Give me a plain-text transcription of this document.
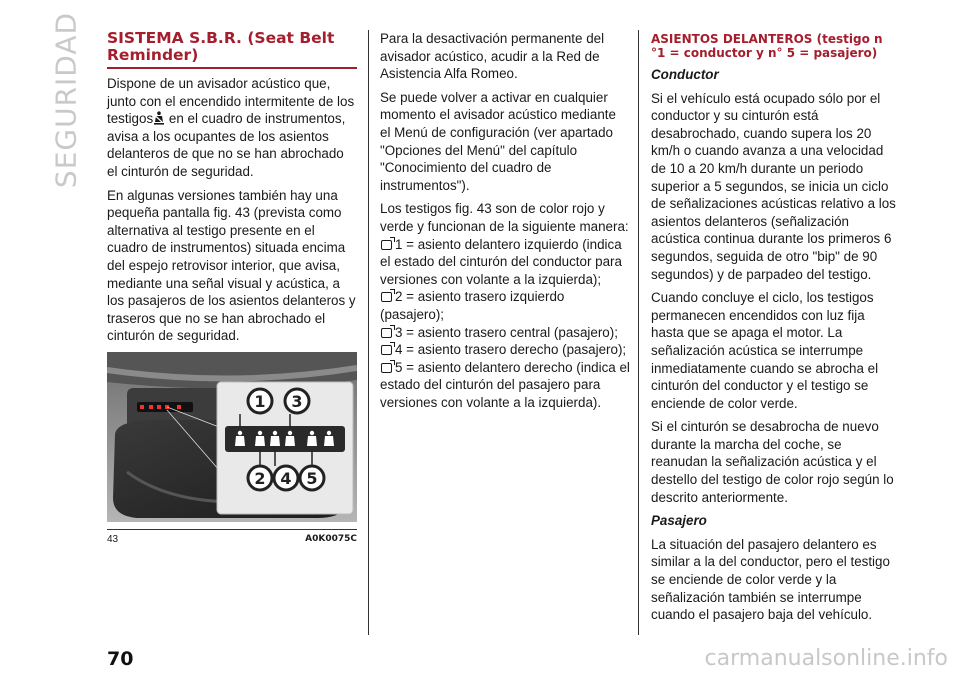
SEGURIDAD SISTEMA S.B.R. (Seat Belt Reminder)

Dispone de un avisador acústico que, junto con el encendido intermitente de los testigos en el cuadro de instrumentos, avisa a los ocupantes de los asientos delanteros de que no se han abrochado el cinturón de seguridad.

En algunas versiones también hay una pequeña pantalla fig. 43 (prevista como alternativa al testigo presente en el cuadro de instrumentos) situada encima del espejo retrovisor interior, que avisa, mediante una señal visual y acústica, a los pasajeros de los asientos delanteros y traseros que no se han abrochado el cinturón de seguridad.

1 3
2 4 5
43	A0K0075C

Para la desactivación permanente del avisador acústico, acudir a la Red de Asistencia Alfa Romeo.

Se puede volver a activar en cualquier momento el avisador acústico mediante el Menú de configuración (ver apartado "Opciones del Menú" del capítulo "Conocimiento del cuadro de instrumentos").

Los testigos fig. 43 son de color rojo y verde y funcionan de la siguiente manera:

1 = asiento delantero izquierdo (indica el estado del cinturón del conductor para versiones con volante a la izquierda);
2 = asiento trasero izquierdo (pasajero);
3 = asiento trasero central (pasajero);
4 = asiento trasero derecho (pasajero);
5 = asiento delantero derecho (indica el estado del cinturón del pasajero para versiones con volante a la izquierda).
ASIENTOS DELANTEROS (testigo n °1 = conductor y n° 5 = pasajero)

Conductor

Si el vehículo está ocupado sólo por el conductor y su cinturón está desabrochado, cuando supera los 20 km/h o cuando avanza a una velocidad de 10 a 20 km/h durante un periodo superior a 5 segundos, se inicia un ciclo de señalizaciones acústicas relativo a los asientos delanteros (señalización acústica continua durante los primeros 6 segundos, seguida de otro "bip" de 90 segundos) y de parpadeo del testigo.

Cuando concluye el ciclo, los testigos permanecen encendidos con luz fija hasta que se apaga el motor. La señalización acústica se interrumpe inmediatamente cuando se abrocha el cinturón del conductor y el testigo se enciende de color verde.

Si el cinturón se desabrocha de nuevo durante la marcha del coche, se reanudan la señalización acústica y el destello del testigo de color rojo según lo descrito anteriormente.

Pasajero

La situación del pasajero delantero es similar a la del conductor, pero el testigo se enciende de color verde y la señalización también se interrumpe cuando el pasajero baja del vehículo.

70	carmanualsonline.info
